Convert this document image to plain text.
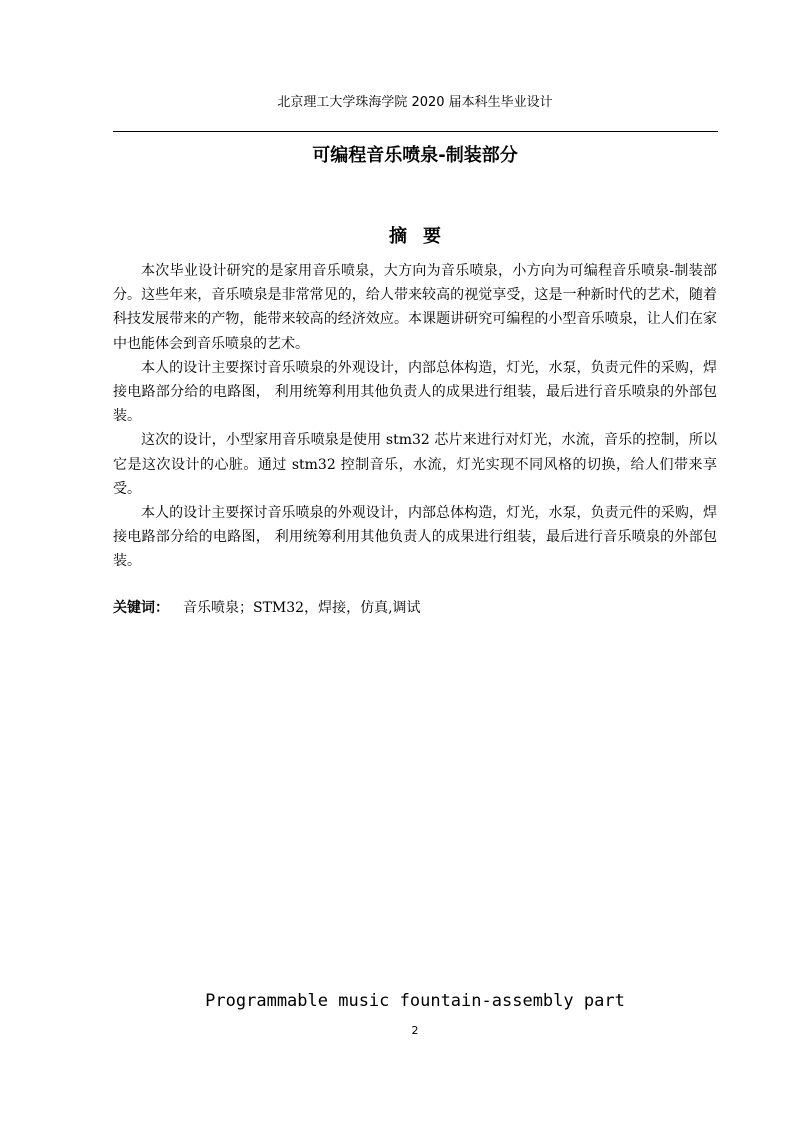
北京理工大学珠海学院 2020 届本科生毕业设计
可编程音乐喷泉-制装部分
摘要

本次毕业设计研究的是家用音乐喷泉，大方向为音乐喷泉，小方向为可编程音乐喷泉-制装部分。这些年来，音乐喷泉是非常常见的，给人带来较高的视觉享受，这是一种新时代的艺术，随着科技发展带来的产物，能带来较高的经济效应。本课题讲研究可编程的小型音乐喷泉，让人们在家中也能体会到音乐喷泉的艺术。

本人的设计主要探讨音乐喷泉的外观设计，内部总体构造，灯光，水泵，负责元件的采购，焊接电路部分给的电路图， 利用统筹利用其他负责人的成果进行组装，最后进行音乐喷泉的外部包装。

这次的设计，小型家用音乐喷泉是使用 stm32 芯片来进行对灯光，水流，音乐的控制，所以它是这次设计的心脏。通过 stm32 控制音乐，水流，灯光实现不同风格的切换，给人们带来享受。

本人的设计主要探讨音乐喷泉的外观设计，内部总体构造，灯光，水泵，负责元件的采购，焊接电路部分给的电路图， 利用统筹利用其他负责人的成果进行组装，最后进行音乐喷泉的外部包装。

关键词： 音乐喷泉；STM32，焊接，仿真,调试
Programmable music fountain-assembly part
2
